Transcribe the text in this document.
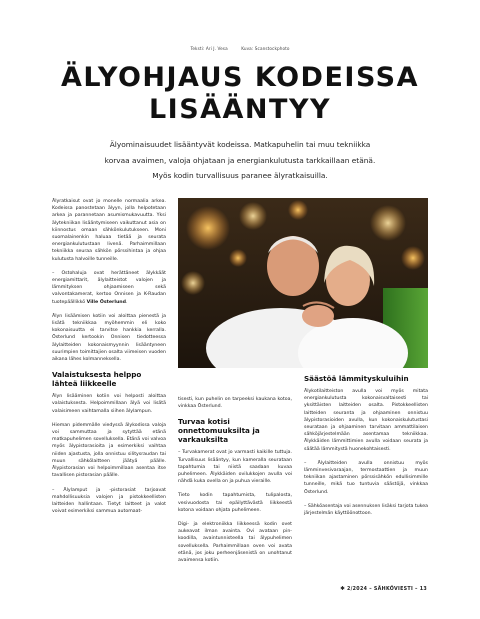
Teksti: Ari J. Vesa	Kuva: Scanstockphoto
ÄLYOHJAUS KODEISSA
LISÄÄNTYY
Älyominaisuudet lisääntyvät kodeissa. Matkapuhelin tai muu tekniikka
korvaa avaimen, valoja ohjataan ja energiankulutusta tarkkaillaan etänä.
Myös kodin turvallisuus paranee älyratkaisuilla.

Älyratkaisut ovat jo monelle normaalia arkea. Kodeissa panostetaan älyyn, jolla helpotetaan arkea ja parannetaan asumismukavuutta. Yksi älytekniikan lisääntymiseen vaikuttanut asia on kiinnostus omaan sähkönkulutukseen. Moni suomalainenkin haluaa tietää ja seurata energiankulutustaan livenä. Parhaimmillaan tekniikka seuraa sähkön pörssihintaa ja ohjaa kulutusta halvoille tunneille.

– Ostohaluja ovat herättäneet älykkäät energiamittarit, älylaitteistot valojen ja lämmityksen ohjaamiseen sekä valvontakamerat, kertoo Onnisen ja K-Raudan tuotepäällikkö Ville Österlund.

Älyn lisäämisen kotiin voi aloittaa pienestä ja lisätä tekniikkaa myöhemmin eli koko kokonaisuutta ei tarvitse hankkia kerralla. Österlund kertookin Onnisen tiedotteessa älylaitteiden kokonaismyynnin lisääntyneen suurimpien toimittajien osalta viimeisen vuoden aikana lähes kolmanneksella.

Valaistuksesta helppo lähteä liikkeelle

Älyn lisääminen kotiin voi helposti aloittaa valaistuksesta. Helpoimmillaan älyä voi lisätä valaisimeen vaihtamalla siihen älylampun.

Hieman pidemmälle viedyssä älykodissa valoja voi sammuttaa ja sytyttää etänä matkapuhelimen sovelluksella. Etänä voi valvoa myös älypistorasioita ja esimerkiksi vaihtaa niiden ajastusta, jolla onnistuu silitysraudan tai muun sähkölaitteen jäätyä päälle. Älypistorasian voi helpoimmillaan asentaa itse tavallisen pistorasian päälle.

– Älylamput ja -pistorasiat tarjoavat mahdollisuuksia valojen ja pistokkeellisten laitteiden hallintaan. Tietyt laitteet ja valot voivat esimerkiksi sammua automaat-

tisesti, kun puhelin on tarpeeksi kaukana kotoa, vinkkaa Österlund.

Turvaa kotisi onnettomuuksilta ja varkauksilta

– Turvakamerat ovat jo varmasti kaikille tuttuja. Turvallisuus lisääntyy, kun kameralla seurataan tapahtumia tai niistä saadaan kuvaa puhelimeen. Älykkäiden ovilukkojen avulla voi nähdä kuka ovella on ja puhua vieraille.

Tieto kodin tapahtumista, tulipalosta, vesivuodosta tai epäilyttävästä liikkeestä kotona voidaan ohjata puhelimeen.

Digi- ja elektroniikka liikkeessä kodin ovet aukeavat ilman avainta. Ovi avataan pin-koodilla, avaintunnisteella tai älypuhelimen sovelluksella. Parhaimmillaan oven voi avata etänä, jos joku perheenjäsenistä on unohtanut avaimensa kotiin.

Säästöä lämmityskuluihin

Älykotilaitteiston avulla voi myös mitata energiankulutusta kokonaisvaltaisesti tai yksittäisten laitteiden osalta. Pistokkeellisten laitteiden seuranta ja ohjaaminen onnistuu älypistorasioiden avulla, kun kokonaiskulutustasi seurataan ja ohjaaminen tarvitaan ammattilaisen sähköjärjestelmään asentamaa tekniikkaa. Älykkäiden lämmittimien avulla voidaan seurata ja säätää lämmitystä huonekohtaisesti.

– Älylaitteiden avulla onnistuu myös lämminvesivaraajan, termostaattien ja muun tekniikan ajastaminen pörssisähkön edullisimmille tunneille, mikä tuo tuntuvia säästöjä, vinkkaa Österlund.

– Sähköasentaja voi asennuksen lisäksi tarjota tukea järjestelmän käyttöönottoon.

✱ 2/2024 – SÄHKÖVIESTI – 13
